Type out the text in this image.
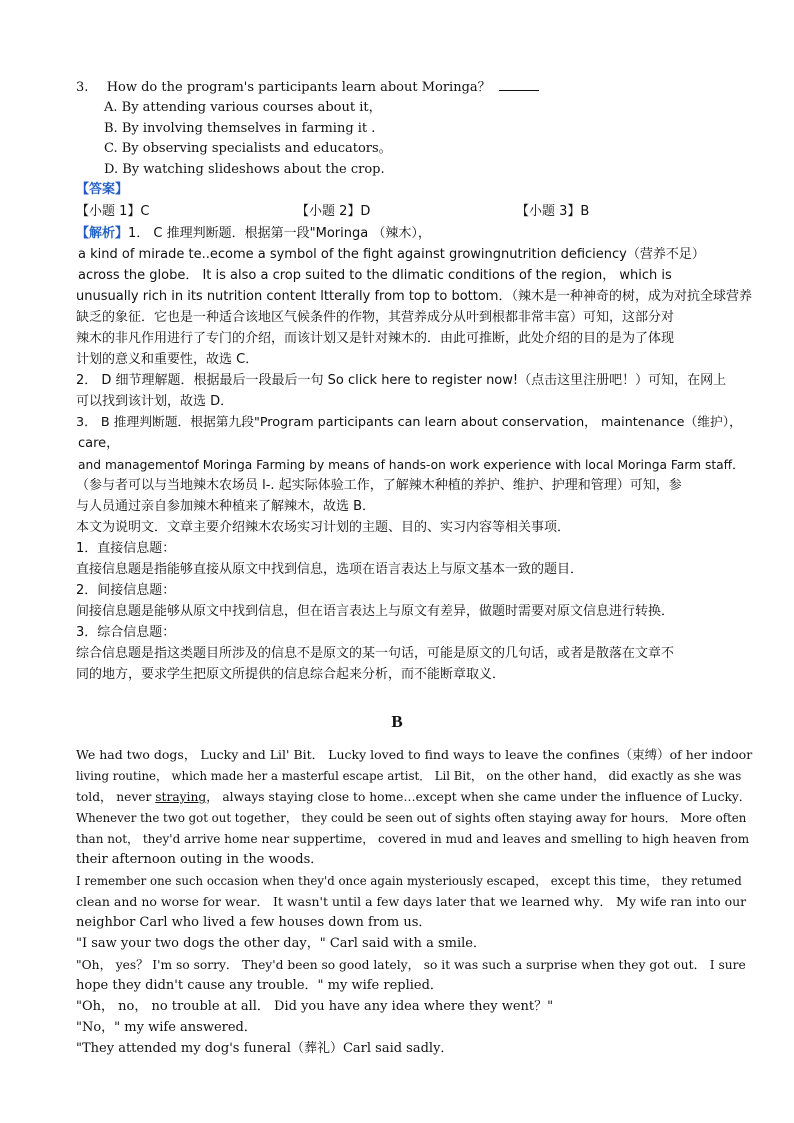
3. How do the program's participants learn about Moringa？
A. By attending various courses about it，
B. By involving themselves in farming it .
C. By observing specialists and educators。
D. By watching slideshows about the crop.
【答案】
【小题 1】C	【小题 2】D	【小题 3】B
【解析】1． C 推理判断题．根据第一段"Moringa （辣木），
a kind of mirade te..ecome a symbol of the fight against growingnutrition deficiency（营养不足）
across the globe． It is also a crop suited to the dlimatic conditions of the region， which is
unusually rich in its nutrition content ltterally from top to bottom．（辣木是一种神奇的树，成为对抗全球营养
缺乏的象征．它也是一种适合该地区气候条件的作物，其营养成分从叶到根都非常丰富）可知，这部分对
辣木的非凡作用进行了专门的介绍，而该计划又是针对辣木的．由此可推断，此处介绍的目的是为了体现
计划的意义和重要性，故选 C．
2． D 细节理解题．根据最后一段最后一句 So click here to register now!（点击这里注册吧！）可知，在网上
可以找到该计划，故选 D．
3． B 推理判断题．根据第九段"Program participants can learn about conservation， maintenance（维护），
care，
and managementof Moringa Farming by means of hands-on work experience with local Moringa Farm staff．
（参与者可以与当地辣木农场员 l-. 起实际体验工作，了解辣木种植的养护、维护、护理和管理）可知，参
与人员通过亲自参加辣木种植来了解辣木，故选 B．
本文为说明文．文章主要介绍辣木农场实习计划的主题、目的、实习内容等相关事项．
1．直接信息题：
直接信息题是指能够直接从原文中找到信息，选项在语言表达上与原文基本一致的题目．
2．间接信息题：
间接信息题是能够从原文中找到信息，但在语言表达上与原文有差异，做题时需要对原文信息进行转换．
3．综合信息题：
综合信息题是指这类题目所涉及的信息不是原文的某一句话，可能是原文的几句话，或者是散落在文章不
同的地方，要求学生把原文所提供的信息综合起来分析，而不能断章取义．
B
We had two dogs， Lucky and Lil' Bit． Lucky loved to find ways to leave the confines（束缚）of her indoor
living routine， which made her a masterful escape artist． Lil Bit， on the other hand， did exactly as she was
told， never straying， always staying close to home…except when she came under the influence of Lucky．
Whenever the two got out together， they could be seen out of sights often staying away for hours． More often
than not， they'd arrive home near suppertime， covered in mud and leaves and smelling to high heaven from
their afternoon outing in the woods．
I remember one such occasion when they'd once again mysteriously escaped， except this time， they retumed
clean and no worse for wear． It wasn't until a few days later that we learned why． My wife ran into our
neighbor Carl who lived a few houses down from us．
"I saw your two dogs the other day，" Carl said with a smile．
"Oh， yes？ I'm so sorry． They'd been so good lately， so it was such a surprise when they got out． I sure
hope they didn't cause any trouble．" my wife replied．
"Oh， no， no trouble at all． Did you have any idea where they went？"
"No，" my wife answered．
"They attended my dog's funeral（葬礼）Carl said sadly．
